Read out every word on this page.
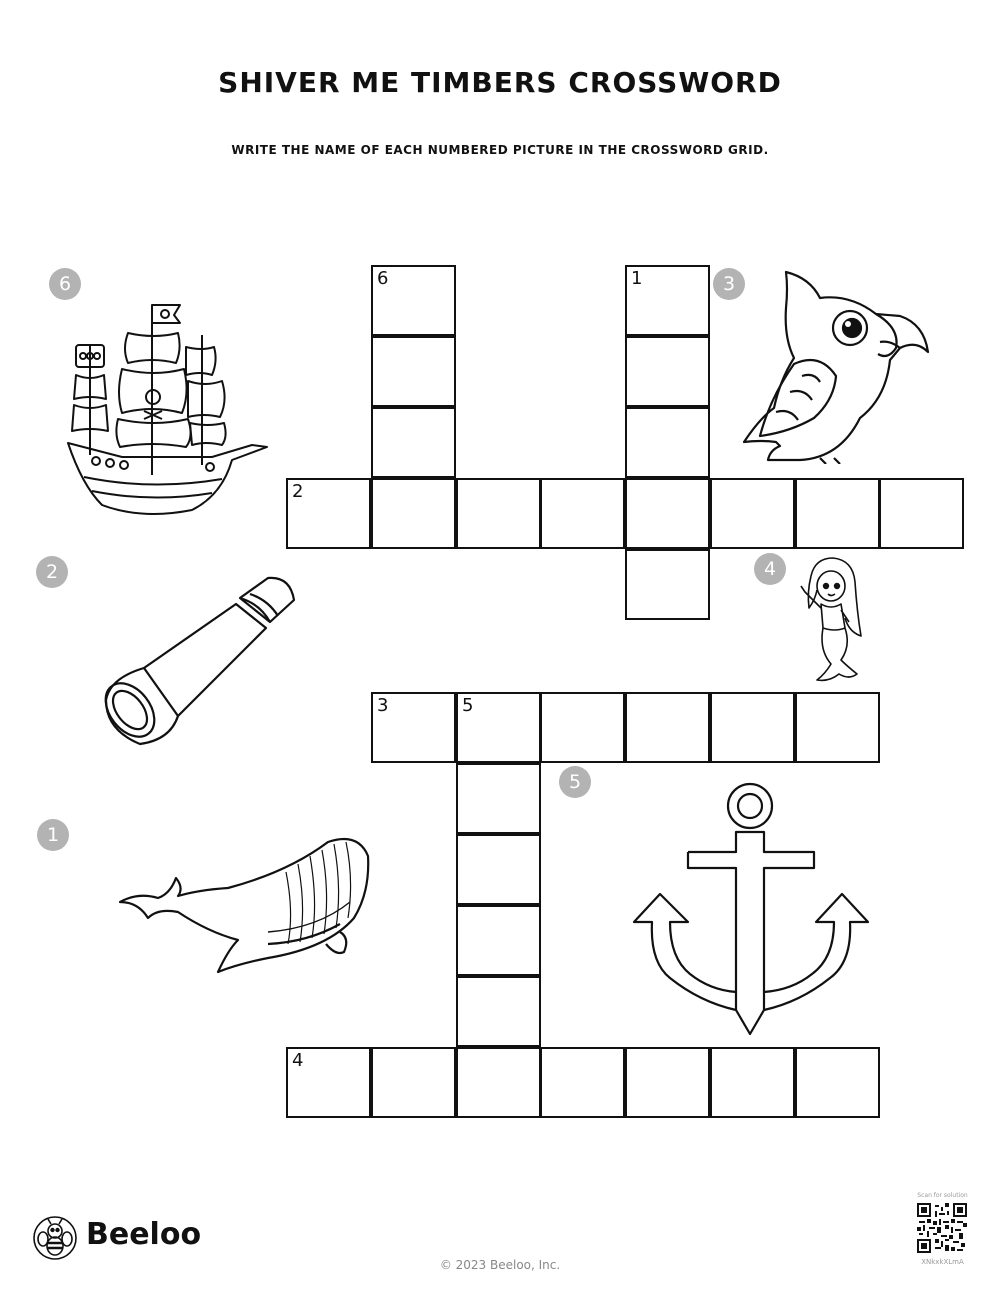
SHIVER ME TIMBERS CROSSWORD
WRITE THE NAME OF EACH NUMBERED PICTURE IN THE CROSSWORD GRID.
6	1
2
3	5
4
6
2
1
3
4
5
Beeloo
© 2023 Beeloo, Inc.
Scan for solution
XNkxkXLmA
